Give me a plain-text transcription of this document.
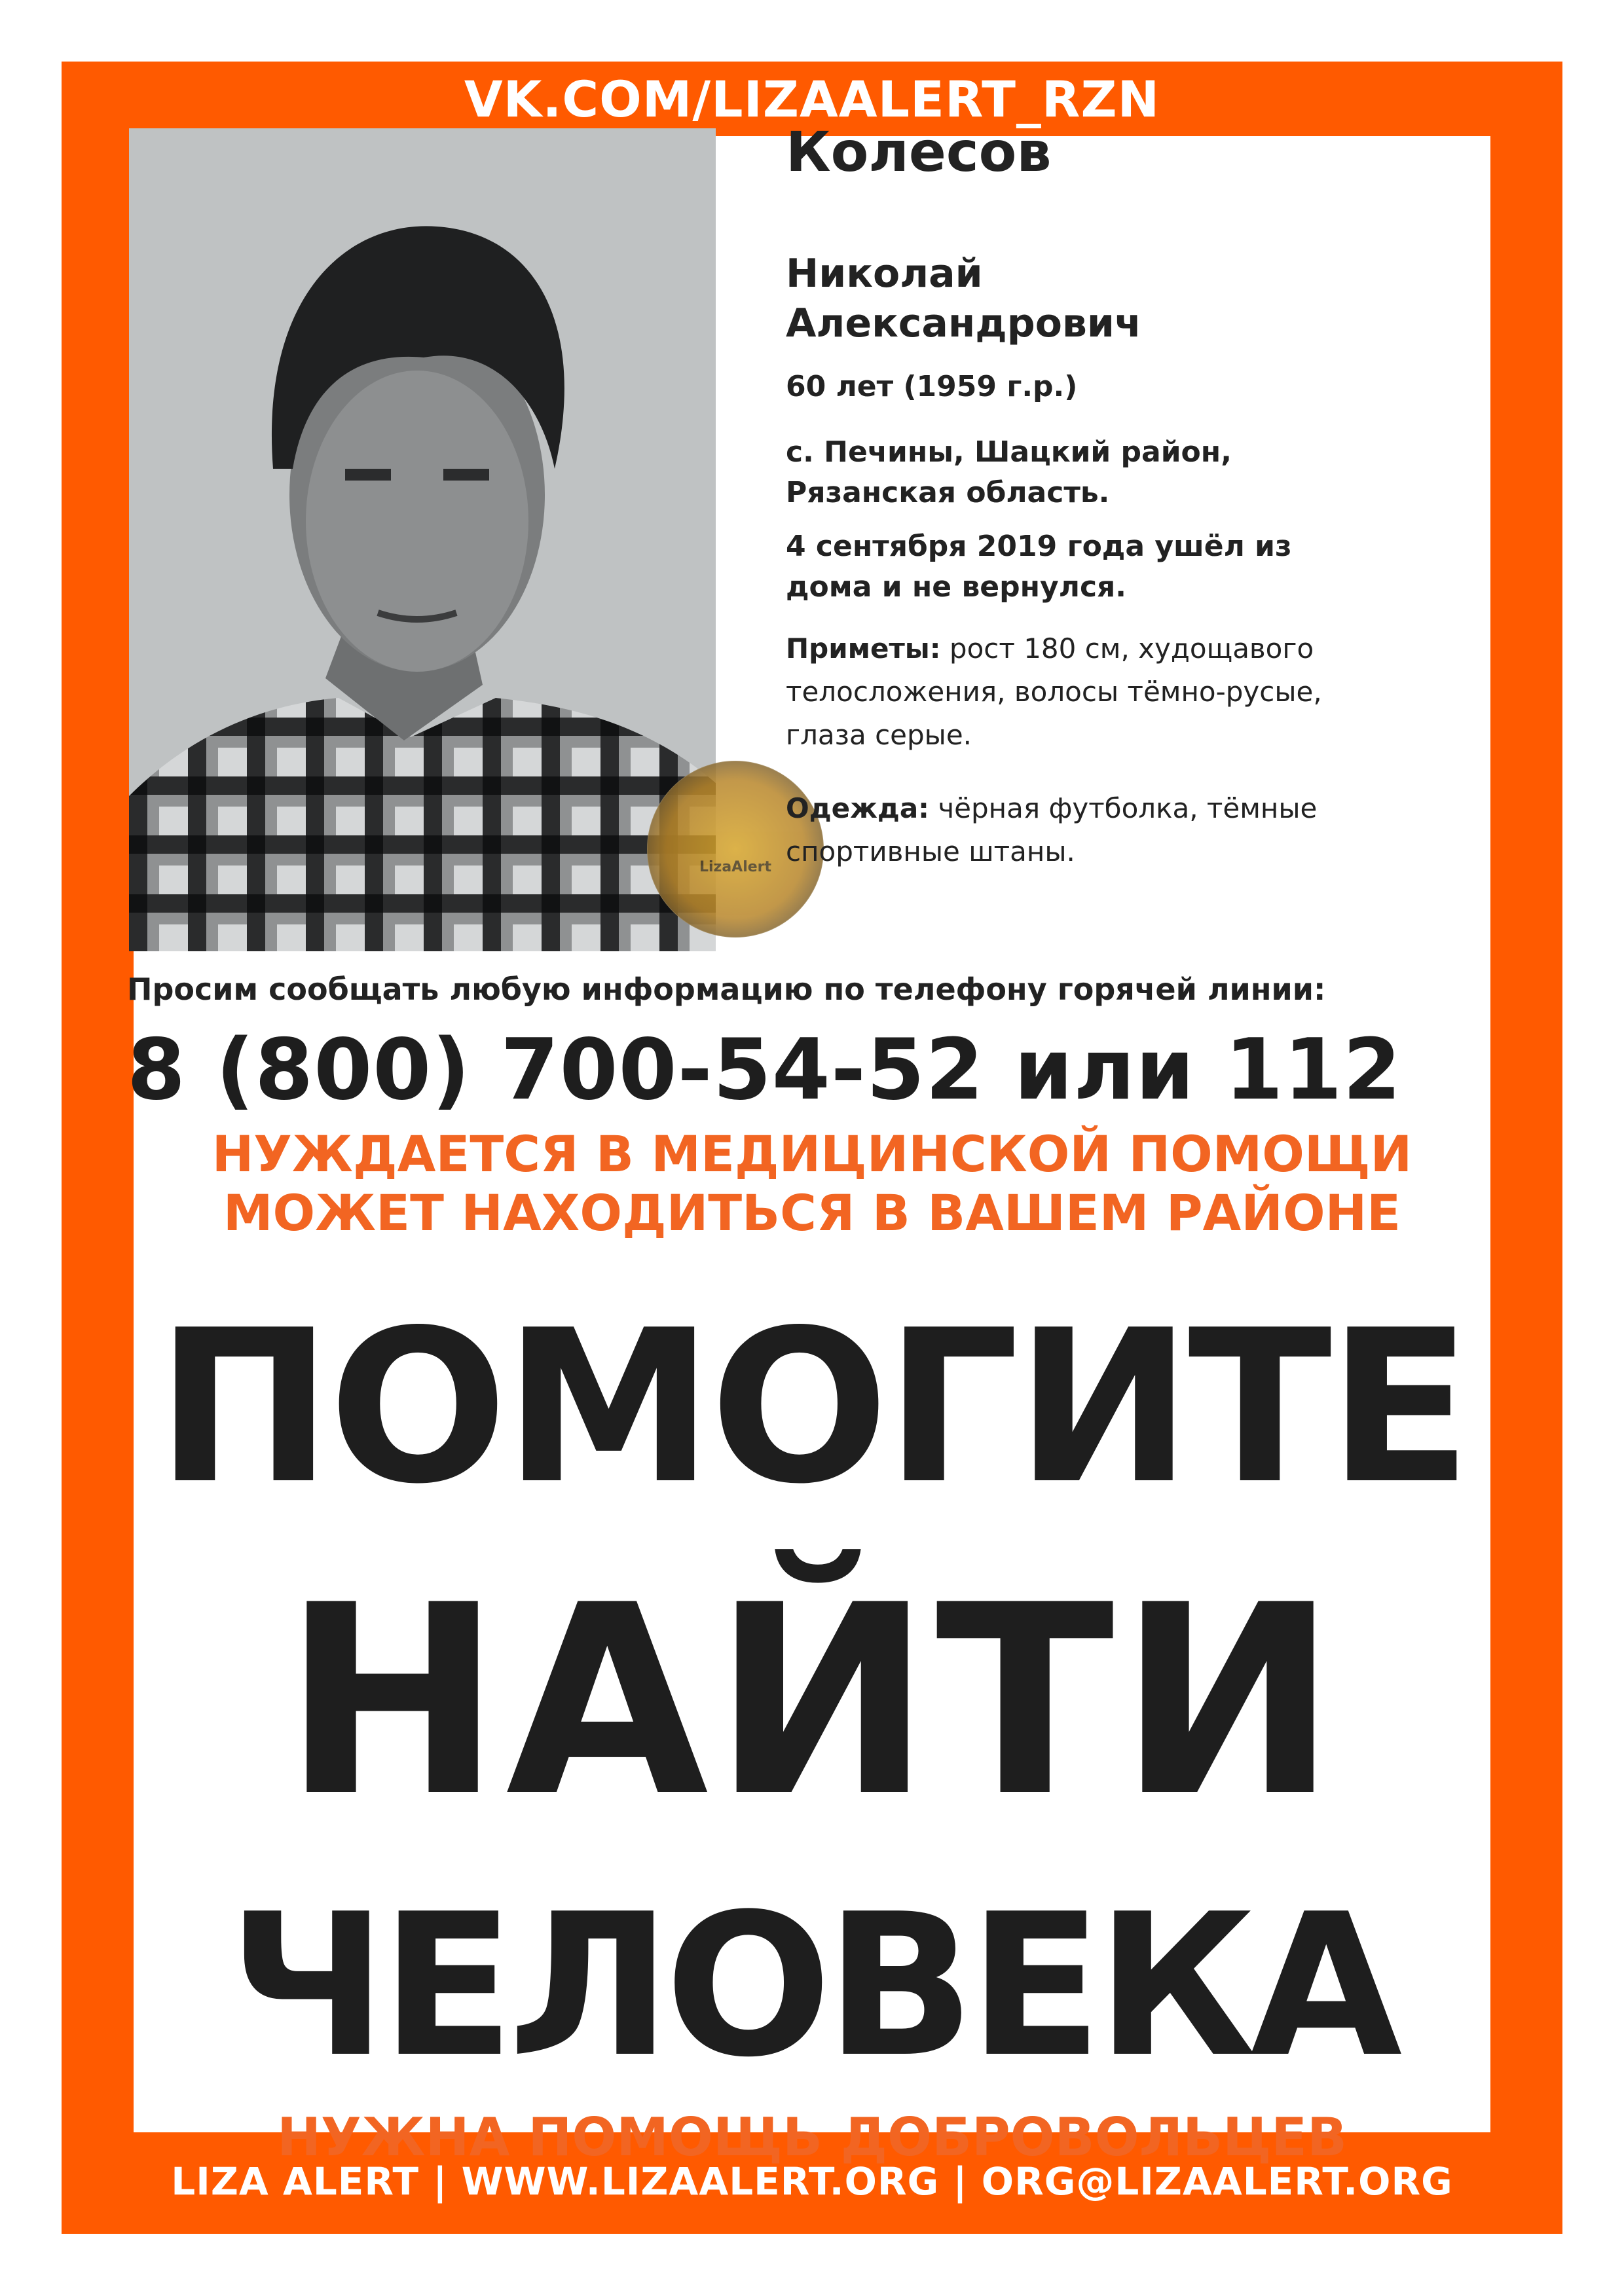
VK.COM/LIZAALERT_RZN
LIZA ALERT | WWW.LIZAALERT.ORG | ORG@LIZAALERT.ORG
LizaAlert
Колесов
Николай
Александрович
60 лет (1959 г.р.)
с. Печины, Шацкий район,
Рязанская область.
4 сентября 2019 года ушёл из
дома и не вернулся.
Приметы: рост 180 см, худощавого
телосложения, волосы тёмно-русые,
глаза серые.
Одежда: чёрная футболка, тёмные
спортивные штаны.
Просим сообщать любую информацию по телефону горячей линии:
8 (800) 700-54-52 или 112
НУЖДАЕТСЯ В МЕДИЦИНСКОЙ ПОМОЩИ
МОЖЕТ НАХОДИТЬСЯ В ВАШЕМ РАЙОНЕ
ПОМОГИТЕ
НАЙТИ
ЧЕЛОВЕКА
НУЖНА ПОМОЩЬ ДОБРОВОЛЬЦЕВ
